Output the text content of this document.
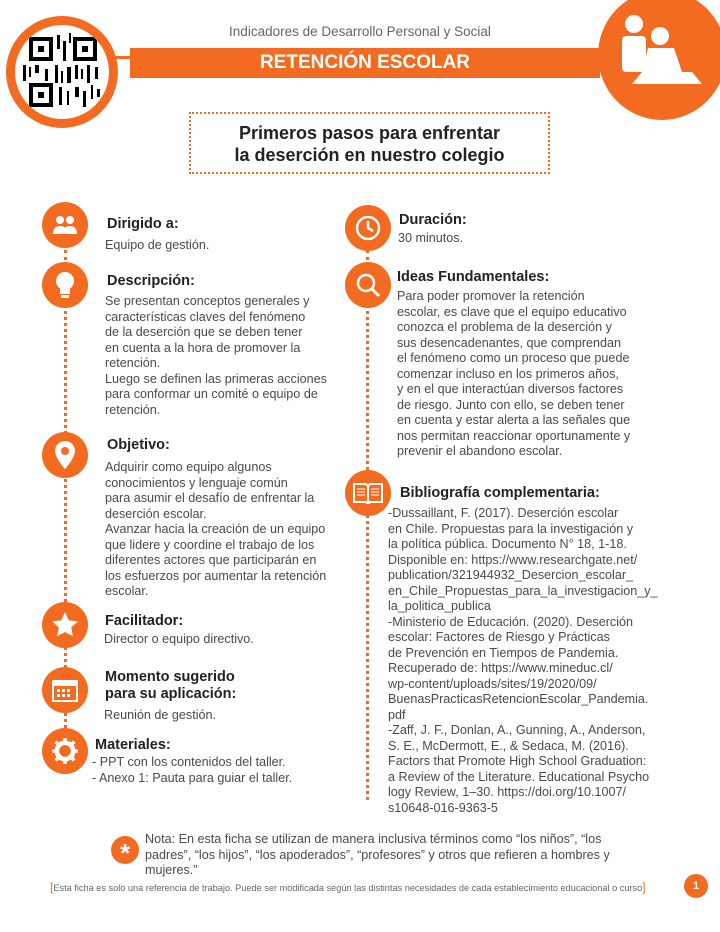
Indicadores de Desarrollo Personal y Social
RETENCIÓN ESCOLAR
Primeros pasos para enfrentar
la deserción en nuestro colegio
Dirigido a:
Equipo de gestión.
Descripción:
Se presentan conceptos generales y
características claves del fenómeno
de la deserción que se deben tener
en cuenta a la hora de promover la
retención.
Luego se definen las primeras acciones
para conformar un comité o equipo de
retención.
Objetivo:
Adquirir como equipo algunos
conocimientos y lenguaje común
para asumir el desafío de enfrentar la
deserción escolar.
Avanzar hacia la creación de un equipo
que lidere y coordine el trabajo de los
diferentes actores que participarán en
los esfuerzos por aumentar la retención
escolar.
Facilitador:
Director o equipo directivo.
Momento sugerido
para su aplicación:
Reunión de gestión.
Materiales:
- PPT con los contenidos del taller.
- Anexo 1: Pauta para guiar el taller.
Duración:
30 minutos.
Ideas Fundamentales:
Para poder promover la retención
escolar, es clave que el equipo educativo
conozca el problema de la deserción y
sus desencadenantes, que comprendan
el fenómeno como un proceso que puede
comenzar incluso en los primeros años,
y en el que interactúan diversos factores
de riesgo. Junto con ello, se deben tener
en cuenta y estar alerta a las señales que
nos permitan reaccionar oportunamente y
prevenir el abandono escolar.
Bibliografía complementaria:
-Dussaillant, F. (2017). Deserción escolar
en Chile. Propuestas para la investigación y
la política pública. Documento N° 18, 1-18.
Disponible en: https://www.researchgate.net/
publication/321944932_Desercion_escolar_
en_Chile_Propuestas_para_la_investigacion_y_
la_politica_publica
-Ministerio de Educación. (2020). Deserción
escolar: Factores de Riesgo y Prácticas
de Prevención en Tiempos de Pandemia.
Recuperado de: https://www.mineduc.cl/
wp-content/uploads/sites/19/2020/09/
BuenasPracticasRetencionEscolar_Pandemia.
pdf
-Zaff, J. F., Donlan, A., Gunning, A., Anderson,
S. E., McDermott, E., & Sedaca, M. (2016).
Factors that Promote High School Graduation:
a Review of the Literature. Educational Psycho
logy Review, 1–30. https://doi.org/10.1007/
s10648-016-9363-5
*	Nota: En esta ficha se utilizan de manera inclusiva términos como “los niños”, “los padres”, “los hijos”, “los apoderados”, “profesores” y otros que refieren a hombres y mujeres.”
[Esta ficha es solo una referencia de trabajo. Puede ser modificada según las distintas necesidades de cada establecimiento educacional o curso]	1
